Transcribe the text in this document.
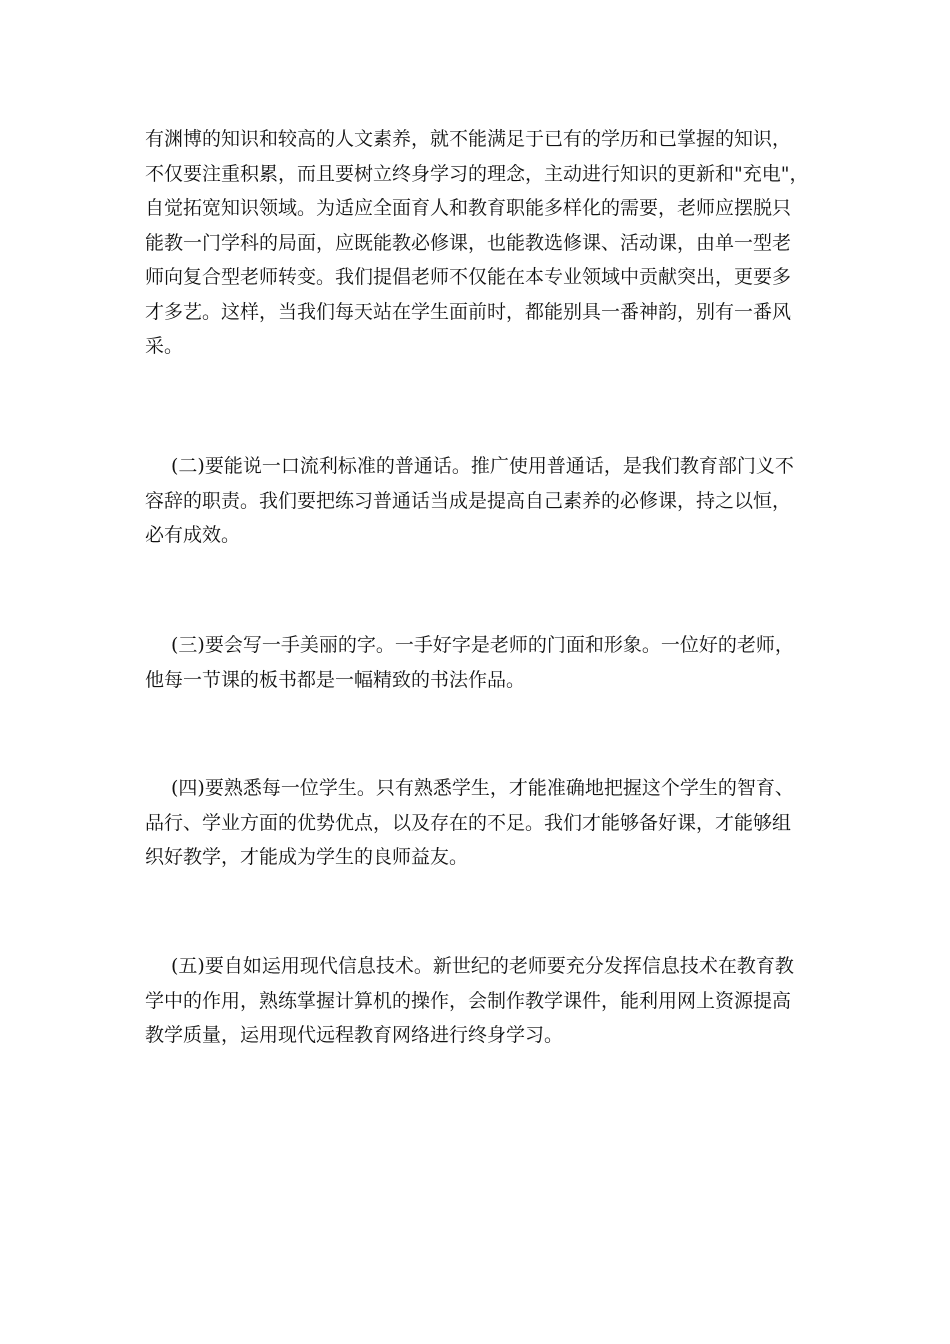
有渊博的知识和较高的人文素养，就不能满足于已有的学历和已掌握的知识，
不仅要注重积累，而且要树立终身学习的理念，主动进行知识的更新和"充电"，
自觉拓宽知识领域。为适应全面育人和教育职能多样化的需要，老师应摆脱只
能教一门学科的局面，应既能教必修课，也能教选修课、活动课，由单一型老
师向复合型老师转变。我们提倡老师不仅能在本专业领域中贡献突出，更要多
才多艺。这样，当我们每天站在学生面前时，都能别具一番神韵，别有一番风
采。
(二)要能说一口流利标准的普通话。推广使用普通话，是我们教育部门义不
容辞的职责。我们要把练习普通话当成是提高自己素养的必修课，持之以恒，
必有成效。
(三)要会写一手美丽的字。一手好字是老师的门面和形象。一位好的老师，
他每一节课的板书都是一幅精致的书法作品。
(四)要熟悉每一位学生。只有熟悉学生，才能准确地把握这个学生的智育、
品行、学业方面的优势优点，以及存在的不足。我们才能够备好课，才能够组
织好教学，才能成为学生的良师益友。
(五)要自如运用现代信息技术。新世纪的老师要充分发挥信息技术在教育教
学中的作用，熟练掌握计算机的操作，会制作教学课件，能利用网上资源提高
教学质量，运用现代远程教育网络进行终身学习。
